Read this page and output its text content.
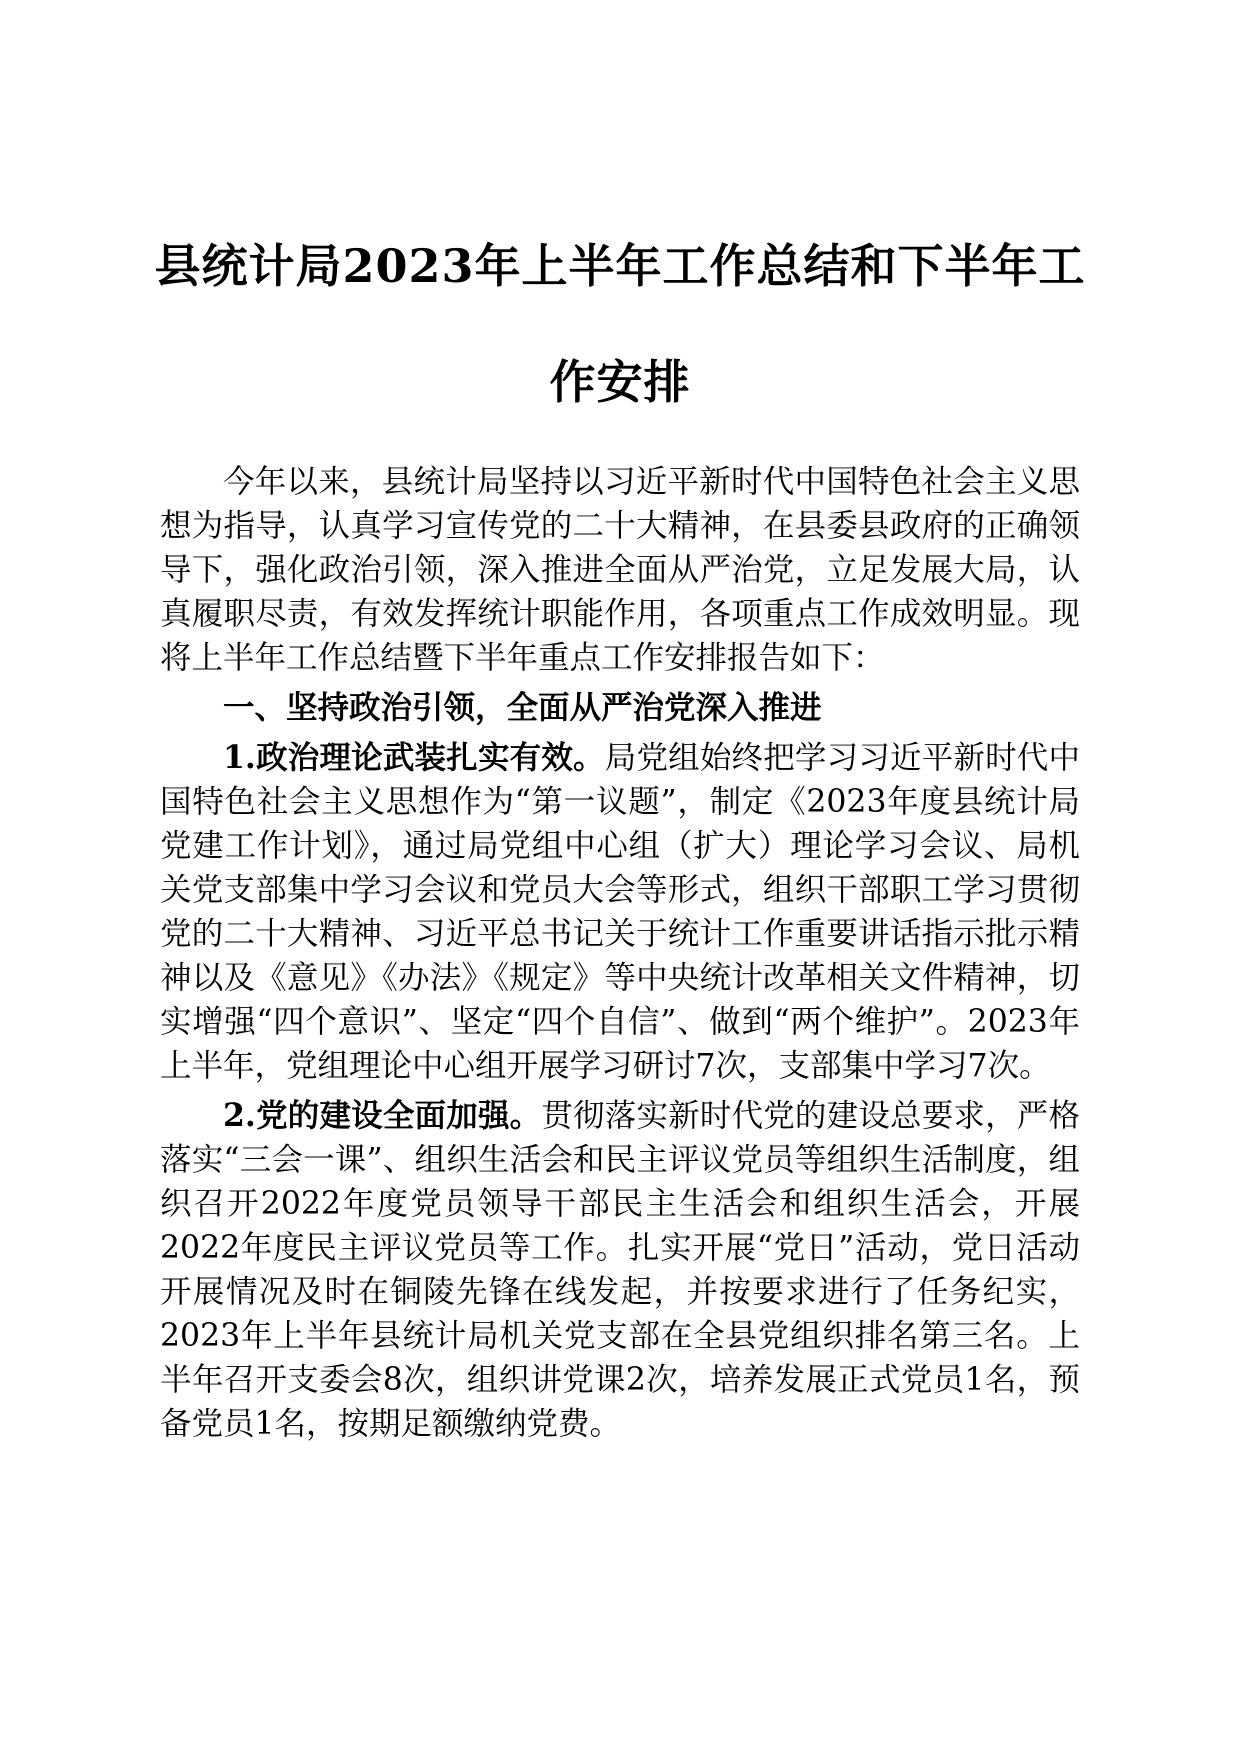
县统计局2023年上半年工作总结和下半年工
作安排

今年以来，县统计局坚持以习近平新时代中国特色社会主义思想为指导，认真学习宣传党的二十大精神，在县委县政府的正确领导下，强化政治引领，深入推进全面从严治党，立足发展大局，认真履职尽责，有效发挥统计职能作用，各项重点工作成效明显。现将上半年工作总结暨下半年重点工作安排报告如下：

一、坚持政治引领，全面从严治党深入推进

1.政治理论武装扎实有效。局党组始终把学习习近平新时代中国特色社会主义思想作为“第一议题”，制定《2023年度县统计局党建工作计划》，通过局党组中心组（扩大）理论学习会议、局机关党支部集中学习会议和党员大会等形式，组织干部职工学习贯彻党的二十大精神、习近平总书记关于统计工作重要讲话指示批示精神以及《意见》《办法》《规定》等中央统计改革相关文件精神，切实增强“四个意识”、坚定“四个自信”、做到“两个维护”。2023年上半年，党组理论中心组开展学习研讨7次，支部集中学习7次。

2.党的建设全面加强。贯彻落实新时代党的建设总要求，严格落实“三会一课”、组织生活会和民主评议党员等组织生活制度，组织召开2022年度党员领导干部民主生活会和组织生活会，开展2022年度民主评议党员等工作。扎实开展“党日”活动，党日活动开展情况及时在铜陵先锋在线发起，并按要求进行了任务纪实，2023年上半年县统计局机关党支部在全县党组织排名第三名。上半年召开支委会8次，组织讲党课2次，培养发展正式党员1名，预备党员1名，按期足额缴纳党费。
